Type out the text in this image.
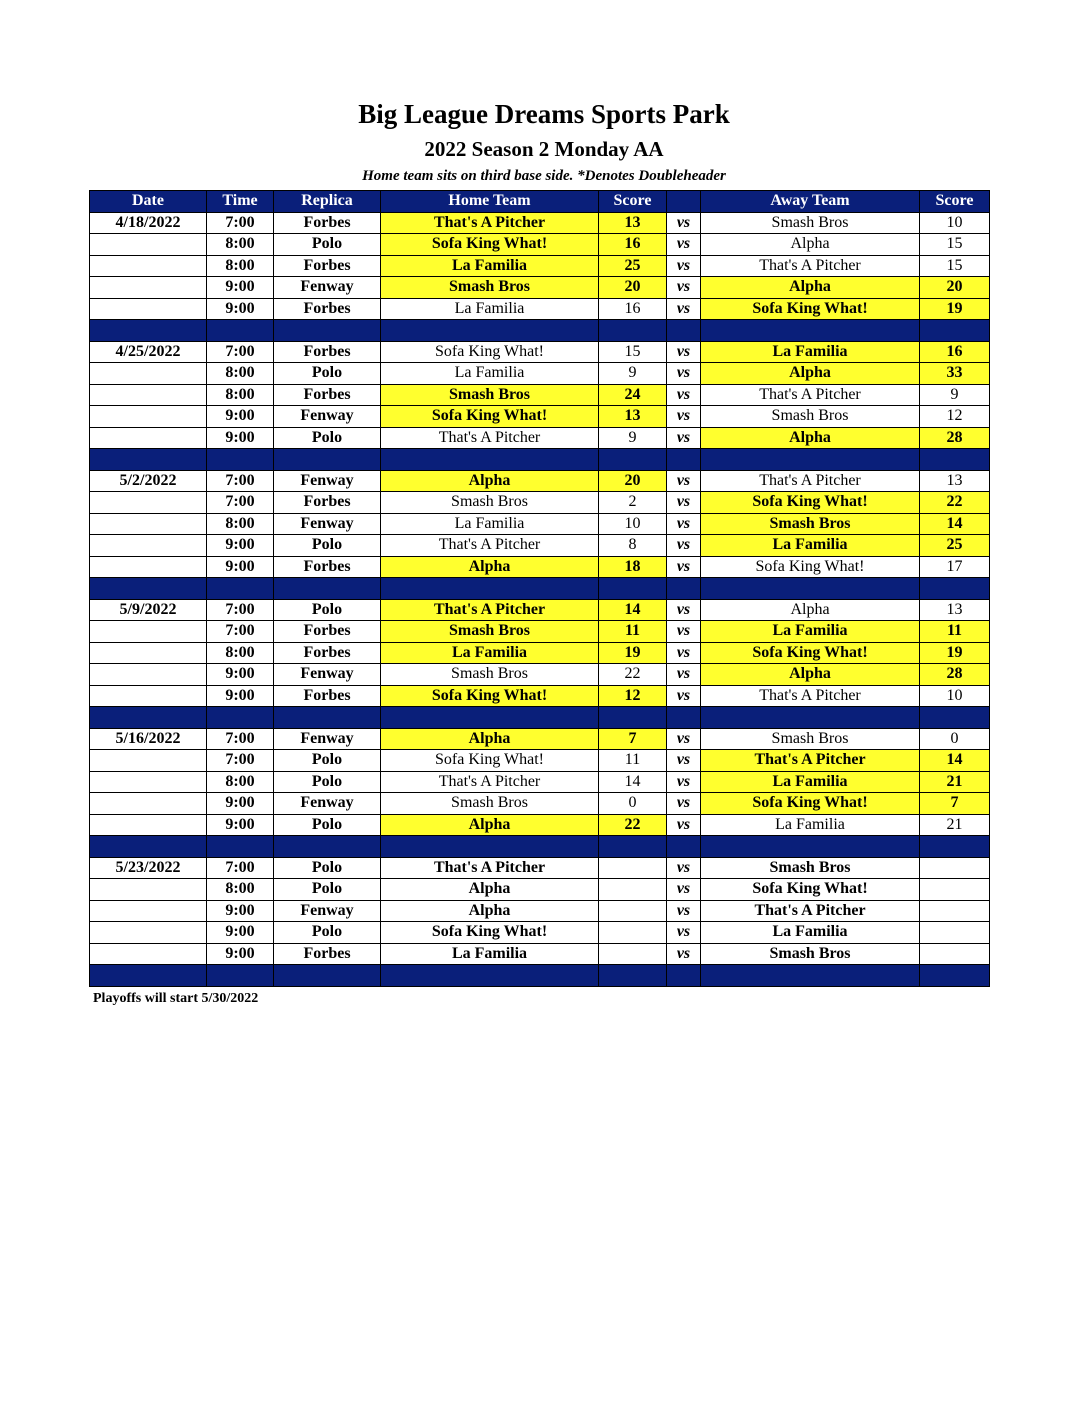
Big League Dreams Sports Park
2022 Season 2 Monday AA
Home team sits on third base side. *Denotes Doubleheader
Date	Time	Replica	Home Team	Score		Away Team	Score
4/18/2022	7:00	Forbes	That's A Pitcher	13	vs	Smash Bros	10
	8:00	Polo	Sofa King What!	16	vs	Alpha	15
	8:00	Forbes	La Familia	25	vs	That's A Pitcher	15
	9:00	Fenway	Smash Bros	20	vs	Alpha	20
	9:00	Forbes	La Familia	16	vs	Sofa King What!	19

4/25/2022	7:00	Forbes	Sofa King What!	15	vs	La Familia	16
	8:00	Polo	La Familia	9	vs	Alpha	33
	8:00	Forbes	Smash Bros	24	vs	That's A Pitcher	9
	9:00	Fenway	Sofa King What!	13	vs	Smash Bros	12
	9:00	Polo	That's A Pitcher	9	vs	Alpha	28

5/2/2022	7:00	Fenway	Alpha	20	vs	That's A Pitcher	13
	7:00	Forbes	Smash Bros	2	vs	Sofa King What!	22
	8:00	Fenway	La Familia	10	vs	Smash Bros	14
	9:00	Polo	That's A Pitcher	8	vs	La Familia	25
	9:00	Forbes	Alpha	18	vs	Sofa King What!	17

5/9/2022	7:00	Polo	That's A Pitcher	14	vs	Alpha	13
	7:00	Forbes	Smash Bros	11	vs	La Familia	11
	8:00	Forbes	La Familia	19	vs	Sofa King What!	19
	9:00	Fenway	Smash Bros	22	vs	Alpha	28
	9:00	Forbes	Sofa King What!	12	vs	That's A Pitcher	10

5/16/2022	7:00	Fenway	Alpha	7	vs	Smash Bros	0
	7:00	Polo	Sofa King What!	11	vs	That's A Pitcher	14
	8:00	Polo	That's A Pitcher	14	vs	La Familia	21
	9:00	Fenway	Smash Bros	0	vs	Sofa King What!	7
	9:00	Polo	Alpha	22	vs	La Familia	21

5/23/2022	7:00	Polo	That's A Pitcher		vs	Smash Bros	
	8:00	Polo	Alpha		vs	Sofa King What!	
	9:00	Fenway	Alpha		vs	That's A Pitcher	
	9:00	Polo	Sofa King What!		vs	La Familia	
	9:00	Forbes	La Familia		vs	Smash Bros	

Playoffs will start 5/30/2022
